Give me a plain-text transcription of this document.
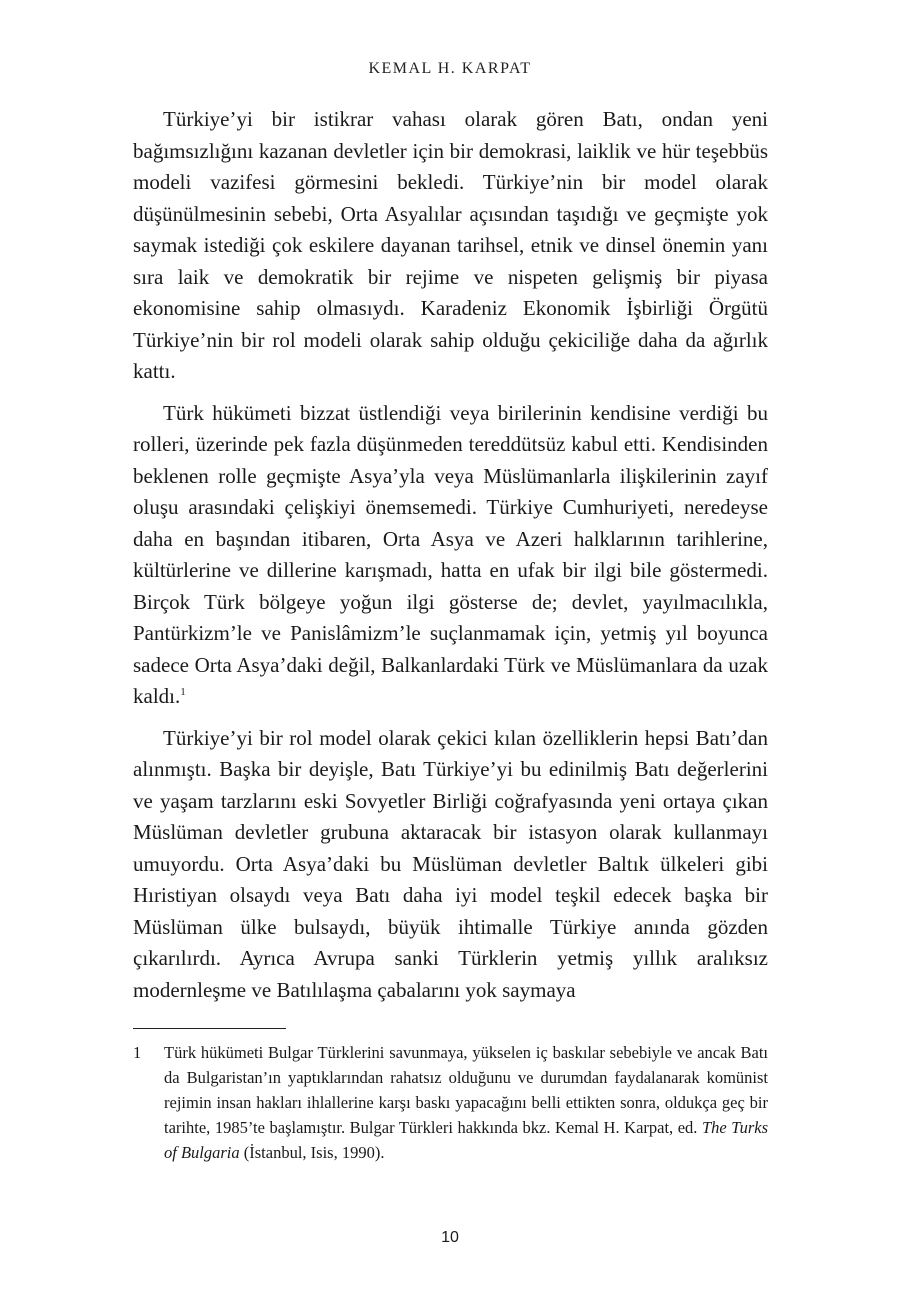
KEMAL H. KARPAT

Türkiye’yi bir istikrar vahası olarak gören Batı, ondan yeni bağımsızlığını kazanan devletler için bir demokrasi, laiklik ve hür teşebbüs modeli vazifesi görmesini bekledi. Türkiye’nin bir model olarak düşünülmesinin sebebi, Orta Asyalılar açısından taşıdığı ve geçmişte yok saymak istediği çok eskilere dayanan tarihsel, etnik ve dinsel önemin yanı sıra laik ve demokratik bir rejime ve nispeten gelişmiş bir piyasa ekonomisine sahip olmasıydı. Karadeniz Ekonomik İşbirliği Örgütü Türkiye’nin bir rol modeli olarak sahip olduğu çekiciliğe daha da ağırlık kattı.

Türk hükümeti bizzat üstlendiği veya birilerinin kendisine verdiği bu rolleri, üzerinde pek fazla düşünmeden tereddütsüz kabul etti. Kendisinden beklenen rolle geçmişte Asya’yla veya Müslümanlarla ilişkilerinin zayıf oluşu arasındaki çelişkiyi önemsemedi. Türkiye Cumhuriyeti, neredeyse daha en başından itibaren, Orta Asya ve Azeri halklarının tarihlerine, kültürlerine ve dillerine karışmadı, hatta en ufak bir ilgi bile göstermedi. Birçok Türk bölgeye yoğun ilgi gösterse de; devlet, yayılmacılıkla, Pantürkizm’le ve Panislâmizm’le suçlanmamak için, yetmiş yıl boyunca sadece Orta Asya’daki değil, Balkanlardaki Türk ve Müslümanlara da uzak kaldı.$^1$

Türkiye’yi bir rol model olarak çekici kılan özelliklerin hepsi Batı’dan alınmıştı. Başka bir deyişle, Batı Türkiye’yi bu edinilmiş Batı değerlerini ve yaşam tarzlarını eski Sovyetler Birliği coğrafyasında yeni ortaya çıkan Müslüman devletler grubuna aktaracak bir istasyon olarak kullanmayı umuyordu. Orta Asya’daki bu Müslüman devletler Baltık ülkeleri gibi Hıristiyan olsaydı veya Batı daha iyi model teşkil edecek başka bir Müslüman ülke bulsaydı, büyük ihtimalle Türkiye anında gözden çıkarılırdı. Ayrıca Avrupa sanki Türklerin yetmiş yıllık aralıksız modernleşme ve Batılılaşma çabalarını yok saymaya

1	Türk hükümeti Bulgar Türklerini savunmaya, yükselen iç baskılar sebebiyle ve ancak Batı da Bulgaristan’ın yaptıklarından rahatsız olduğunu ve durumdan faydalanarak komünist rejimin insan hakları ihlallerine karşı baskı yapacağını belli ettikten sonra, oldukça geç bir tarihte, 1985’te başlamıştır. Bulgar Türkleri hakkında bkz. Kemal H. Karpat, ed. The Turks of Bulgaria (İstanbul, Isis, 1990).
10
